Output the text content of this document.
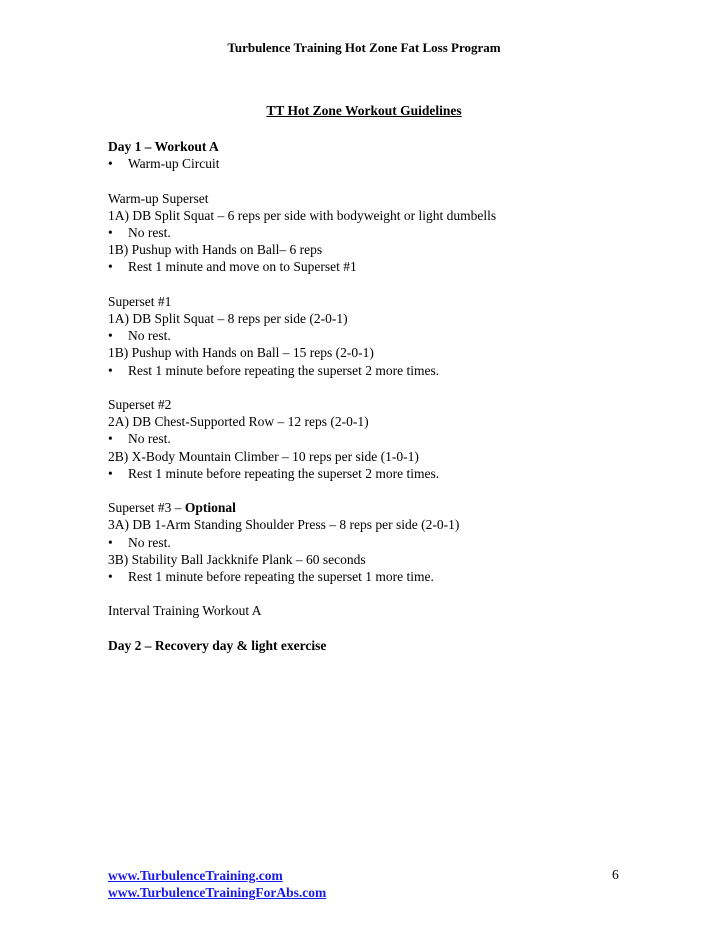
Turbulence Training Hot Zone Fat Loss Program
TT Hot Zone Workout Guidelines
Day 1 – Workout A
• Warm-up Circuit
Warm-up Superset
1A) DB Split Squat – 6 reps per side with bodyweight or light dumbells
• No rest.
1B) Pushup with Hands on Ball– 6 reps
• Rest 1 minute and move on to Superset #1
Superset #1
1A) DB Split Squat – 8 reps per side (2-0-1)
• No rest.
1B) Pushup with Hands on Ball – 15 reps (2-0-1)
• Rest 1 minute before repeating the superset 2 more times.
Superset #2
2A) DB Chest-Supported Row – 12 reps (2-0-1)
• No rest.
2B) X-Body Mountain Climber – 10 reps per side (1-0-1)
• Rest 1 minute before repeating the superset 2 more times.
Superset #3 – Optional
3A) DB 1-Arm Standing Shoulder Press – 8 reps per side (2-0-1)
• No rest.
3B) Stability Ball Jackknife Plank – 60 seconds
• Rest 1 minute before repeating the superset 1 more time.
Interval Training Workout A
Day 2 – Recovery day & light exercise
www.TurbulenceTraining.com
www.TurbulenceTrainingForAbs.com
6
